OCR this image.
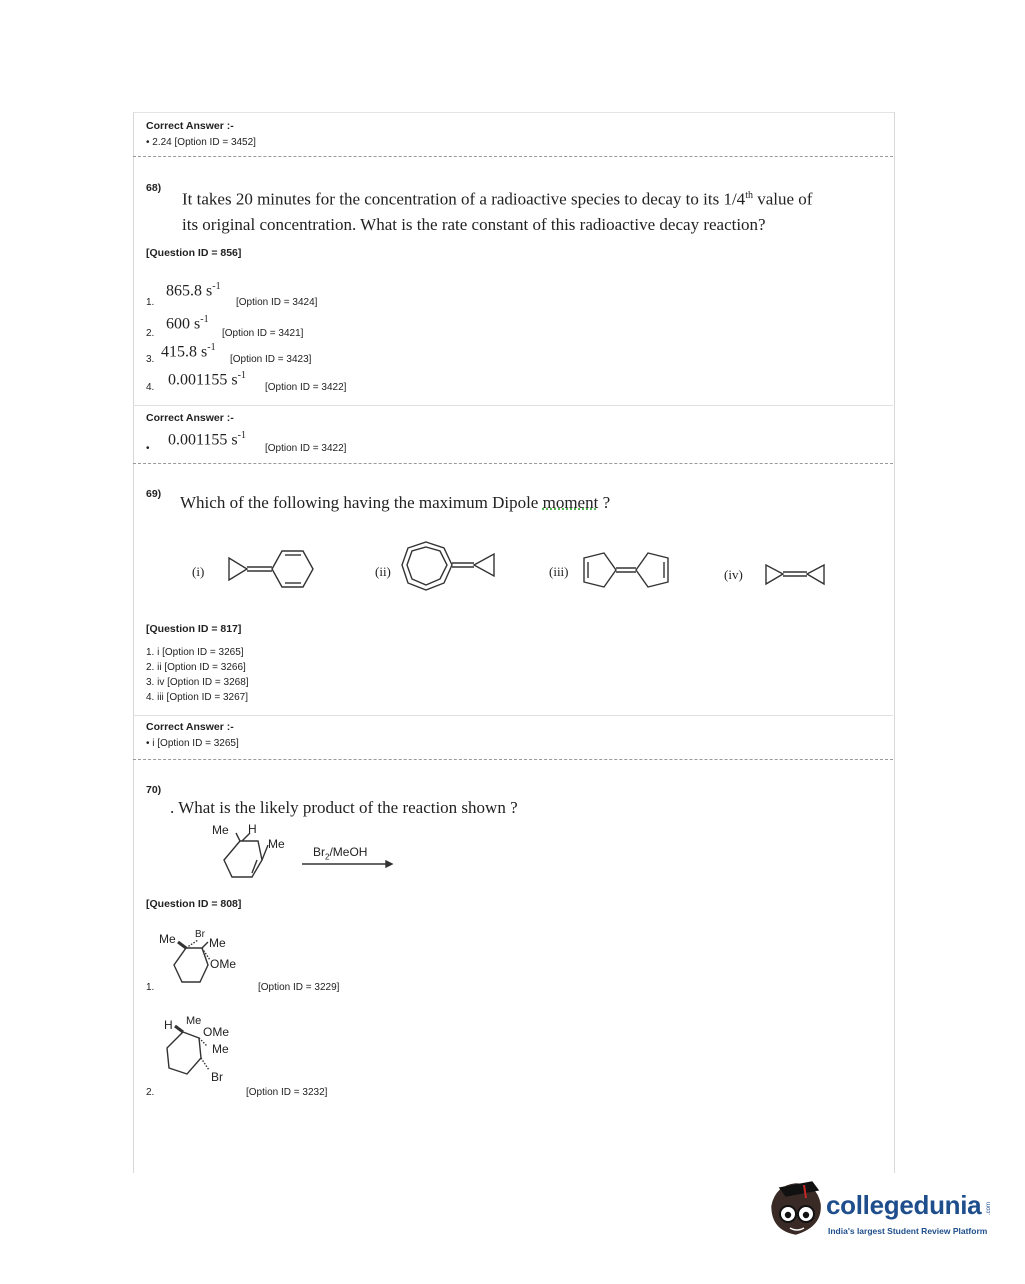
Correct Answer :-
• 2.24 [Option ID = 3452]
68)
It takes 20 minutes for the concentration of a radioactive species to decay to its 1/4th value of
its original concentration. What is the rate constant of this radioactive decay reaction?
[Question ID = 856]
1.
865.8 $s^{-1}$
[Option ID = 3424]
2.
600 $s^{-1}$
[Option ID = 3421]
3. 415.8 $s^{-1}$
[Option ID = 3423]
4. 0.001155 $s^{-1}$
[Option ID = 3422]
Correct Answer :-
•
0.001155 $s^{-1}$
[Option ID = 3422]
69) Which of the following having the maximum Dipole moment ?
(i)	(ii)	(iii)	(iv)
[Question ID = 817]
1. i [Option ID = 3265]
2. ii [Option ID = 3266]
3. iv [Option ID = 3268]
4. iii [Option ID = 3267]
Correct Answer :-
• i [Option ID = 3265]
70)
. What is the likely product of the reaction shown ?
Me H
Me
$Br_2$/MeOH
[Question ID = 808]
Me Br
Me
OMe
1.	[Option ID = 3229]
H Me
OMe
Me
Br
2.	[Option ID = 3232]
collegedunia .com
India's largest Student Review Platform
